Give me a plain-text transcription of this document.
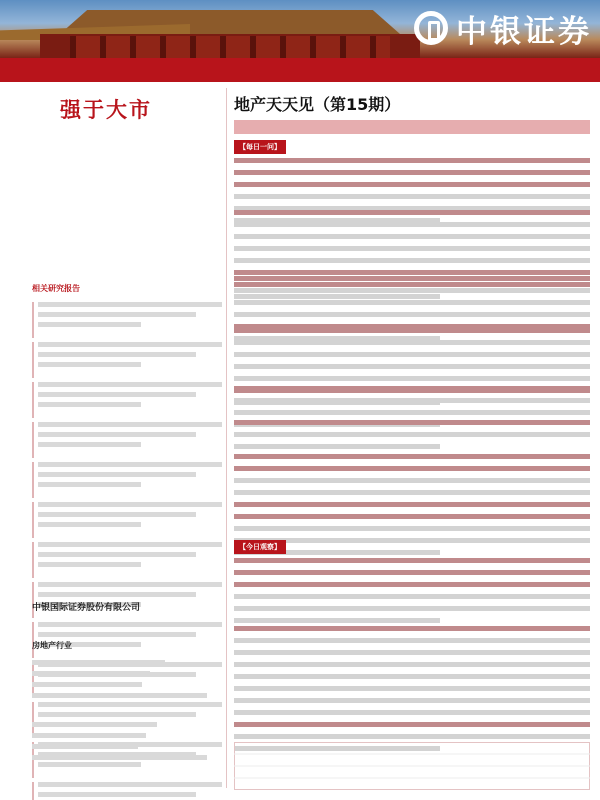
中银证券
强于大市
相关研究报告
中银国际证券股份有限公司
房地产行业
地产天天见（第15期）
【每日一问】
【今日观察】
